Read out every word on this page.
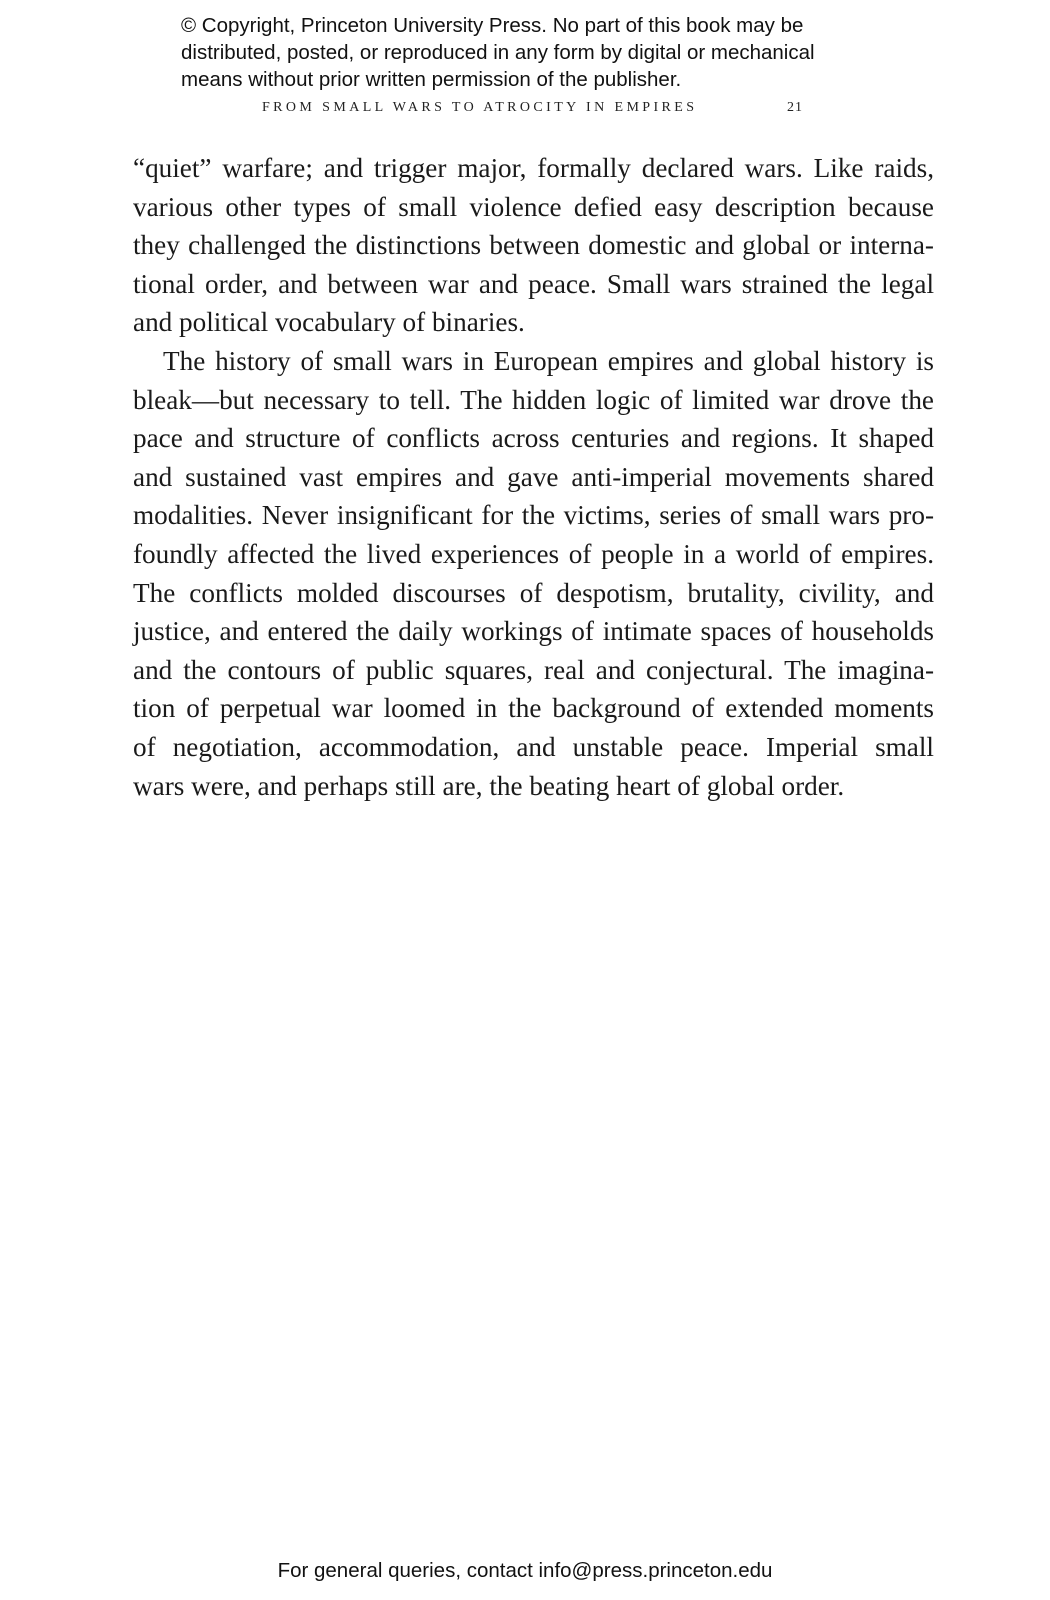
© Copyright, Princeton University Press. No part of this book may be
distributed, posted, or reproduced in any form by digital or mechanical
means without prior written permission of the publisher.
FROM SMALL WARS TO ATROCITY IN EMPIRES	21
“quiet” warfare; and trigger major, formally declared wars. Like raids,
various other types of small violence defied easy description because
they challenged the distinctions between domestic and global or interna-
tional order, and between war and peace. Small wars strained the legal
and political vocabulary of binaries.
The history of small wars in European empires and global history is
bleak—but necessary to tell. The hidden logic of limited war drove the
pace and structure of conflicts across centuries and regions. It shaped
and sustained vast empires and gave anti-imperial movements shared
modalities. Never insignificant for the victims, series of small wars pro-
foundly affected the lived experiences of people in a world of empires.
The conflicts molded discourses of despotism, brutality, civility, and
justice, and entered the daily workings of intimate spaces of households
and the contours of public squares, real and conjectural. The imagina-
tion of perpetual war loomed in the background of extended moments
of negotiation, accommodation, and unstable peace. Imperial small
wars were, and perhaps still are, the beating heart of global order.
For general queries, contact info@press.princeton.edu
